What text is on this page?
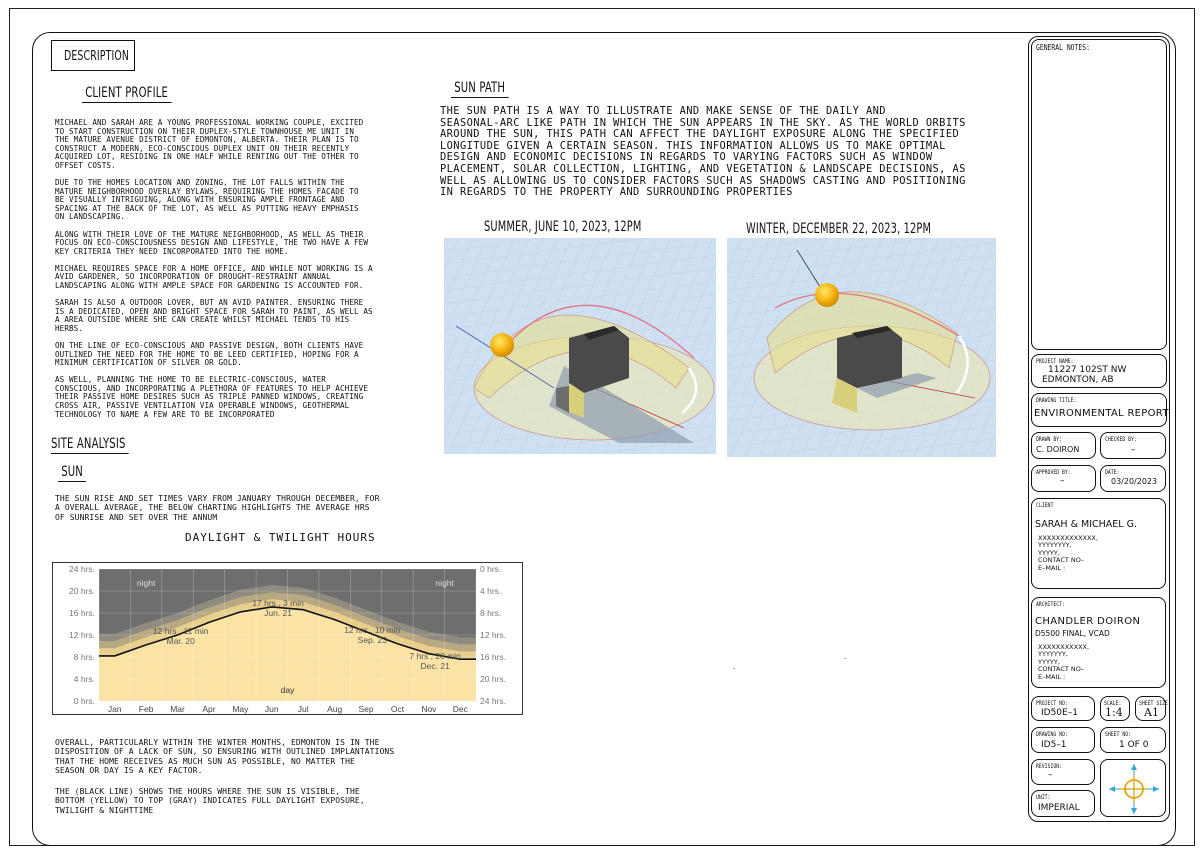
DESCRIPTION
CLIENT PROFILE
MICHAEL AND SARAH ARE A YOUNG PROFESSIONAL WORKING COUPLE, EXCITED
TO START CONSTRUCTION ON THEIR DUPLEX-STYLE TOWNHOUSE ME UNIT IN
THE MATURE AVENUE DISTRICT OF EDMONTON, ALBERTA. THEIR PLAN IS TO
CONSTRUCT A MODERN, ECO-CONSCIOUS DUPLEX UNIT ON THEIR RECENTLY
ACQUIRED LOT, RESIDING IN ONE HALF WHILE RENTING OUT THE OTHER TO
OFFSET COSTS.
DUE TO THE HOMES LOCATION AND ZONING, THE LOT FALLS WITHIN THE
MATURE NEIGHBORHOOD OVERLAY BYLAWS, REQUIRING THE HOMES FACADE TO
BE VISUALLY INTRIGUING, ALONG WITH ENSURING AMPLE FRONTAGE AND
SPACING AT THE BACK OF THE LOT, AS WELL AS PUTTING HEAVY EMPHASIS
ON LANDSCAPING.
ALONG WITH THEIR LOVE OF THE MATURE NEIGHBORHOOD, AS WELL AS THEIR
FOCUS ON ECO-CONSCIOUSNESS DESIGN AND LIFESTYLE, THE TWO HAVE A FEW
KEY CRITERIA THEY NEED INCORPORATED INTO THE HOME.
MICHAEL REQUIRES SPACE FOR A HOME OFFICE, AND WHILE NOT WORKING IS A
AVID GARDENER, SO INCORPORATION OF DROUGHT-RESTRAINT ANNUAL
LANDSCAPING ALONG WITH AMPLE SPACE FOR GARDENING IS ACCOUNTED FOR.
SARAH IS ALSO A OUTDOOR LOVER, BUT AN AVID PAINTER. ENSURING THERE
IS A DEDICATED, OPEN AND BRIGHT SPACE FOR SARAH TO PAINT, AS WELL AS
A AREA OUTSIDE WHERE SHE CAN CREATE WHILST MICHAEL TENDS TO HIS
HERBS.
ON THE LINE OF ECO-CONSCIOUS AND PASSIVE DESIGN, BOTH CLIENTS HAVE
OUTLINED THE NEED FOR THE HOME TO BE LEED CERTIFIED, HOPING FOR A
MINIMUM CERTIFICATION OF SILVER OR GOLD.
AS WELL, PLANNING THE HOME TO BE ELECTRIC-CONSCIOUS, WATER
CONSCIOUS, AND INCORPORATING A PLETHORA OF FEATURES TO HELP ACHIEVE
THEIR PASSIVE HOME DESIRES SUCH AS TRIPLE PANNED WINDOWS, CREATING
CROSS AIR, PASSIVE VENTILATION VIA OPERABLE WINDOWS, GEOTHERMAL
TECHNOLOGY TO NAME A FEW ARE TO BE INCORPORATED
SITE ANALYSIS
SUN
THE SUN RISE AND SET TIMES VARY FROM JANUARY THROUGH DECEMBER, FOR
A OVERALL AVERAGE, THE BELOW CHARTING HIGHLIGHTS THE AVERAGE HRS
OF SUNRISE AND SET OVER THE ANNUM
DAYLIGHT & TWILIGHT HOURS
24 hrs.	0 hrs.
20 hrs.	4 hrs.
16 hrs.	8 hrs.
12 hrs.	12 hrs.
8 hrs.	16 hrs.
4 hrs.	20 hrs.
0 hrs.	24 hrs.
Jan Feb Mar Apr May Jun Jul Aug Sep Oct Nov Dec
night	night
day
12 hrs , 11 min
Mar. 20
17 hrs , 3 min
Jun. 21
12 hrs , 10 min
Sep. 23
7 hrs , 28 min
Dec. 21
OVERALL, PARTICULARLY WITHIN THE WINTER MONTHS, EDMONTON IS IN THE
DISPOSITION OF A LACK OF SUN, SO ENSURING WITH OUTLINED IMPLANTATIONS
THAT THE HOME RECEIVES AS MUCH SUN AS POSSIBLE, NO MATTER THE
SEASON OR DAY IS A KEY FACTOR.
THE (BLACK LINE) SHOWS THE HOURS WHERE THE SUN IS VISIBLE, THE
BOTTOM (YELLOW) TO TOP (GRAY) INDICATES FULL DAYLIGHT EXPOSURE,
TWILIGHT & NIGHTTIME
SUN PATH
THE SUN PATH IS A WAY TO ILLUSTRATE AND MAKE SENSE OF THE DAILY AND
SEASONAL-ARC LIKE PATH IN WHICH THE SUN APPEARS IN THE SKY. AS THE WORLD ORBITS
AROUND THE SUN, THIS PATH CAN AFFECT THE DAYLIGHT EXPOSURE ALONG THE SPECIFIED
LONGITUDE GIVEN A CERTAIN SEASON. THIS INFORMATION ALLOWS US TO MAKE OPTIMAL
DESIGN AND ECONOMIC DECISIONS IN REGARDS TO VARYING FACTORS SUCH AS WINDOW
PLACEMENT, SOLAR COLLECTION, LIGHTING, AND VEGETATION & LANDSCAPE DECISIONS, AS
WELL AS ALLOWING US TO CONSIDER FACTORS SUCH AS SHADOWS CASTING AND POSITIONING
IN REGARDS TO THE PROPERTY AND SURROUNDING PROPERTIES
SUMMER, JUNE 10, 2023, 12PM	WINTER, DECEMBER 22, 2023, 12PM
GENERAL NOTES:
PROJECT NAME:
11227 102ST NW
EDMONTON, AB
DRAWING TITLE:
ENVIRONMENTAL REPORT
DRAWN BY:
C. DOIRON
CHECKED BY:
–
APPROVED BY:
–
DATE:
03/20/2023
CLIENT
SARAH & MICHAEL G.
XXXXXXXXXXXXX,
YYYYYYYY,
YYYYY,
CONTACT NO–
E–MAIL :
ARCHITECT:
CHANDLER DOIRON
D5500 FINAL, VCAD
XXXXXXXXXXX,
YYYYYYY,
YYYYY,
CONTACT NO–
E–MAIL :
PROJECT NO:
ID50E–1
SCALE:
1:4
SHEET SIZE:
A1
DRAWING NO:
ID5–1
SHEET NO:
1 OF 0
REVISION:
–
UNIT:
IMPERIAL
